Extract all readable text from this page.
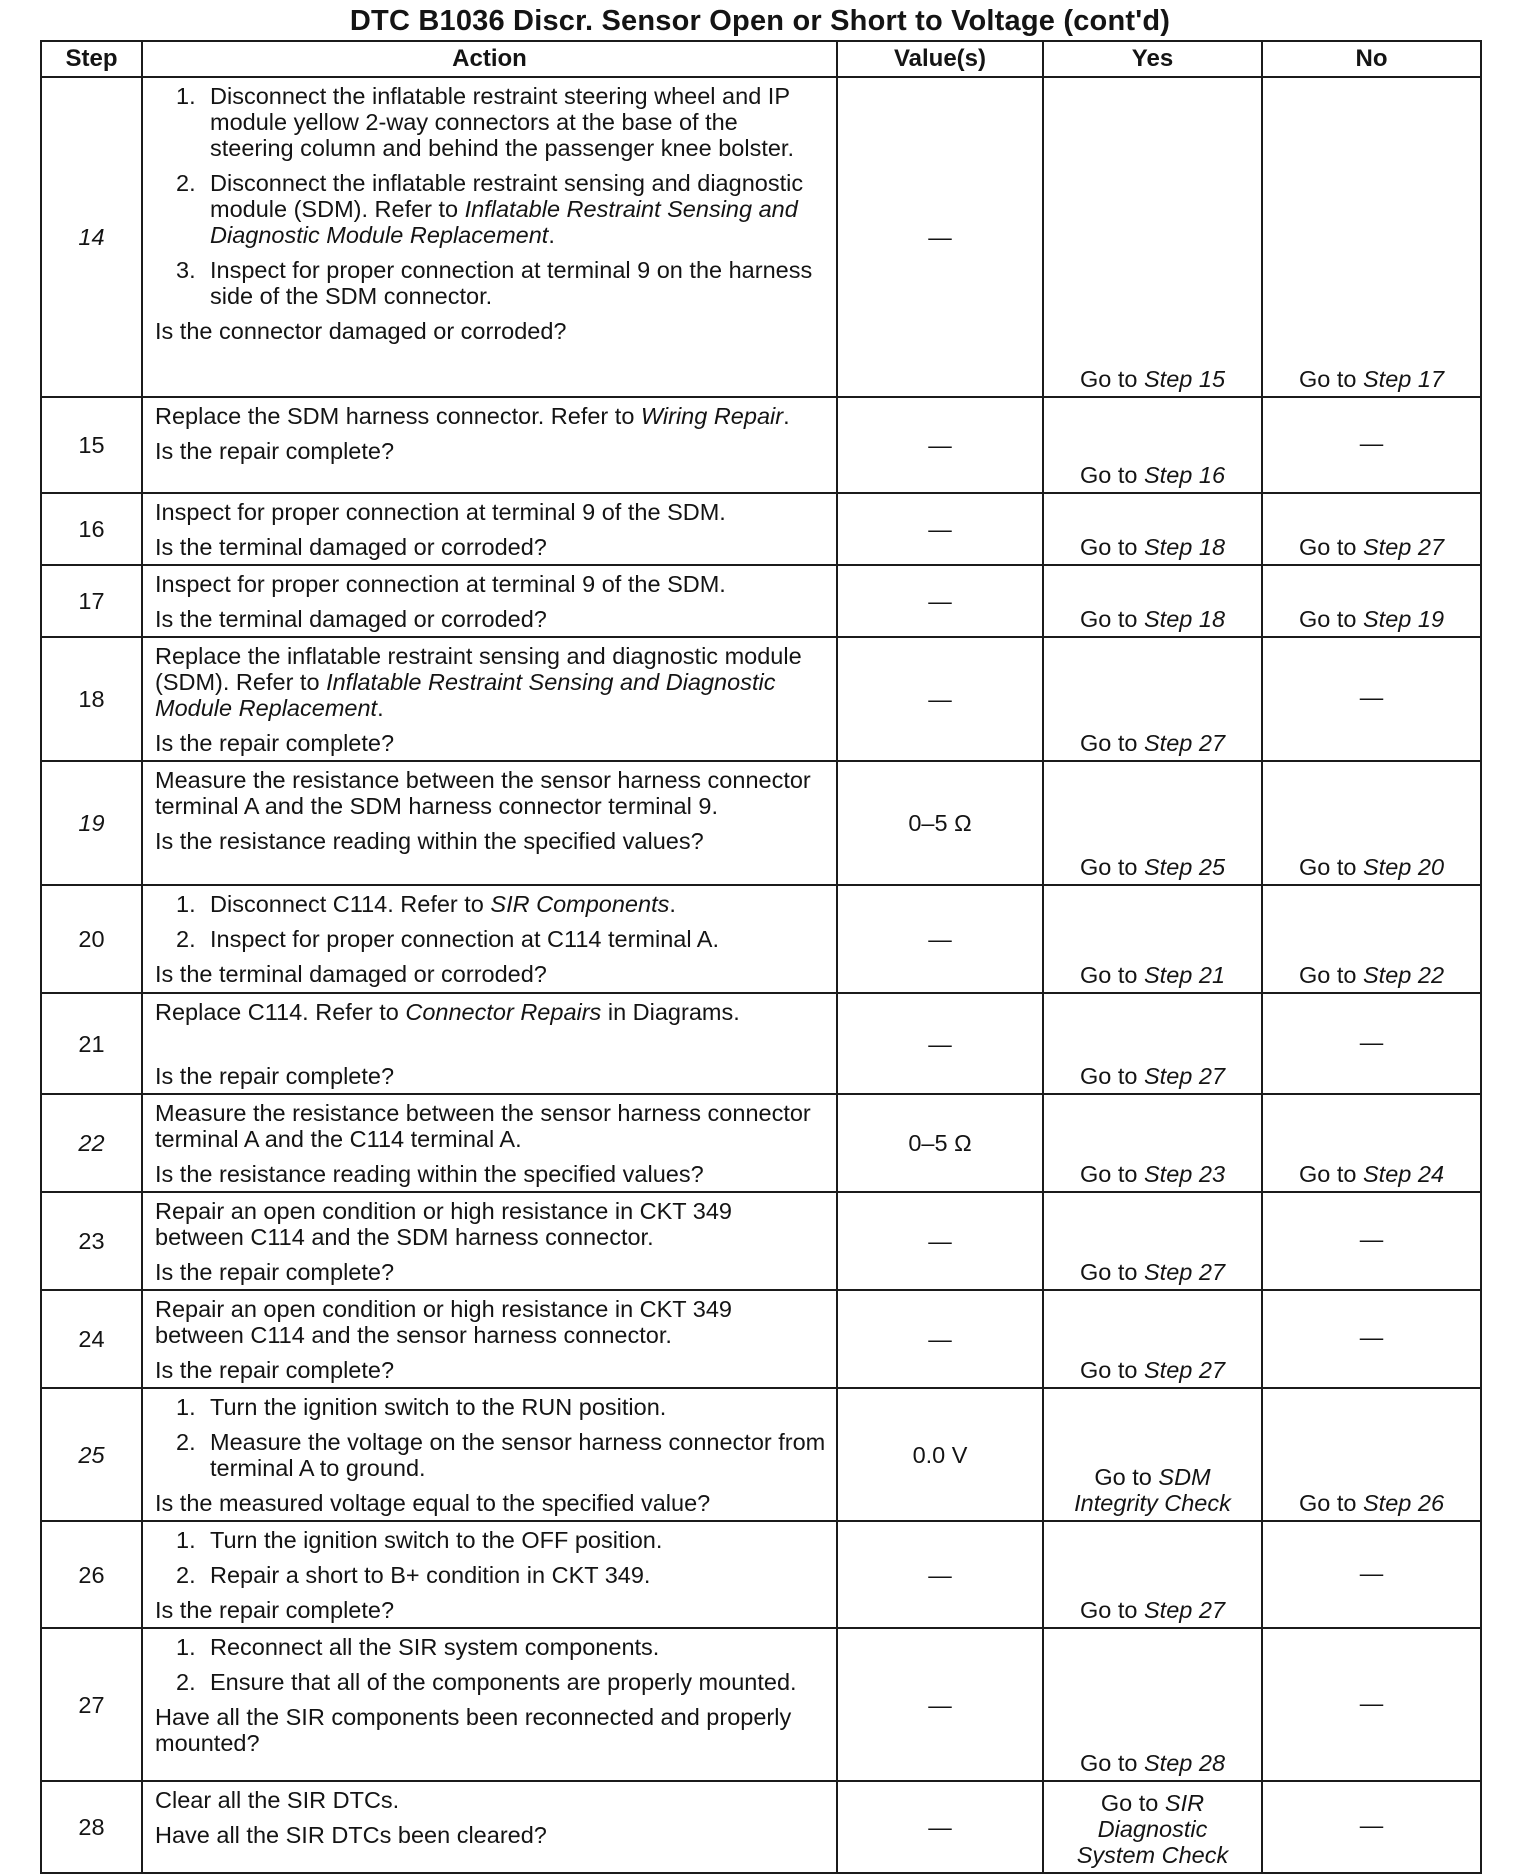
DTC B1036 Discr. Sensor Open or Short to Voltage (cont'd)
Step	Action	Value(s)	Yes	No
14	1. Disconnect the inflatable restraint steering wheel and IP module yellow 2-way connectors at the base of the steering column and behind the passenger knee bolster.
2. Disconnect the inflatable restraint sensing and diagnostic module (SDM). Refer to Inflatable Restraint Sensing and Diagnostic Module Replacement.
3. Inspect for proper connection at terminal 9 on the harness side of the SDM connector.
Is the connector damaged or corroded?	—	Go to Step 15	Go to Step 17

15	Replace the SDM harness connector. Refer to Wiring Repair.
Is the repair complete?	—	Go to Step 16	—
16	Inspect for proper connection at terminal 9 of the SDM.
Is the terminal damaged or corroded?	—	Go to Step 18	Go to Step 27

17	Inspect for proper connection at terminal 9 of the SDM.
Is the terminal damaged or corroded?	—	Go to Step 18	Go to Step 19

18	Replace the inflatable restraint sensing and diagnostic module (SDM). Refer to Inflatable Restraint Sensing and Diagnostic Module Replacement.
Is the repair complete?	—	Go to Step 27	—
19	Measure the resistance between the sensor harness connector terminal A and the SDM harness connector terminal 9.
Is the resistance reading within the specified values?	0–5 Ω	Go to Step 25	Go to Step 20

20	1. Disconnect C114. Refer to SIR Components.
2. Inspect for proper connection at C114 terminal A.
Is the terminal damaged or corroded?	—	Go to Step 21	Go to Step 22

21	Replace C114. Refer to Connector Repairs in Diagrams.
Is the repair complete?	—	Go to Step 27	—
22	Measure the resistance between the sensor harness connector terminal A and the C114 terminal A.
Is the resistance reading within the specified values?	0–5 Ω	Go to Step 23	Go to Step 24

23	Repair an open condition or high resistance in CKT 349 between C114 and the SDM harness connector.
Is the repair complete?	—	Go to Step 27	—
24	Repair an open condition or high resistance in CKT 349 between C114 and the sensor harness connector.
Is the repair complete?	—	Go to Step 27	—
25	1. Turn the ignition switch to the RUN position.
2. Measure the voltage on the sensor harness connector from terminal A to ground.
Is the measured voltage equal to the specified value?	0.0 V	Go to SDM
Integrity Check	Go to Step 26

26	1. Turn the ignition switch to the OFF position.
2. Repair a short to B+ condition in CKT 349.
Is the repair complete?	—	Go to Step 27	—
27	1. Reconnect all the SIR system components.
2. Ensure that all of the components are properly mounted.
Have all the SIR components been reconnected and properly mounted?	—	Go to Step 28	—
28	Clear all the SIR DTCs.
Have all the SIR DTCs been cleared?	—	Go to SIR
Diagnostic
System Check	—
